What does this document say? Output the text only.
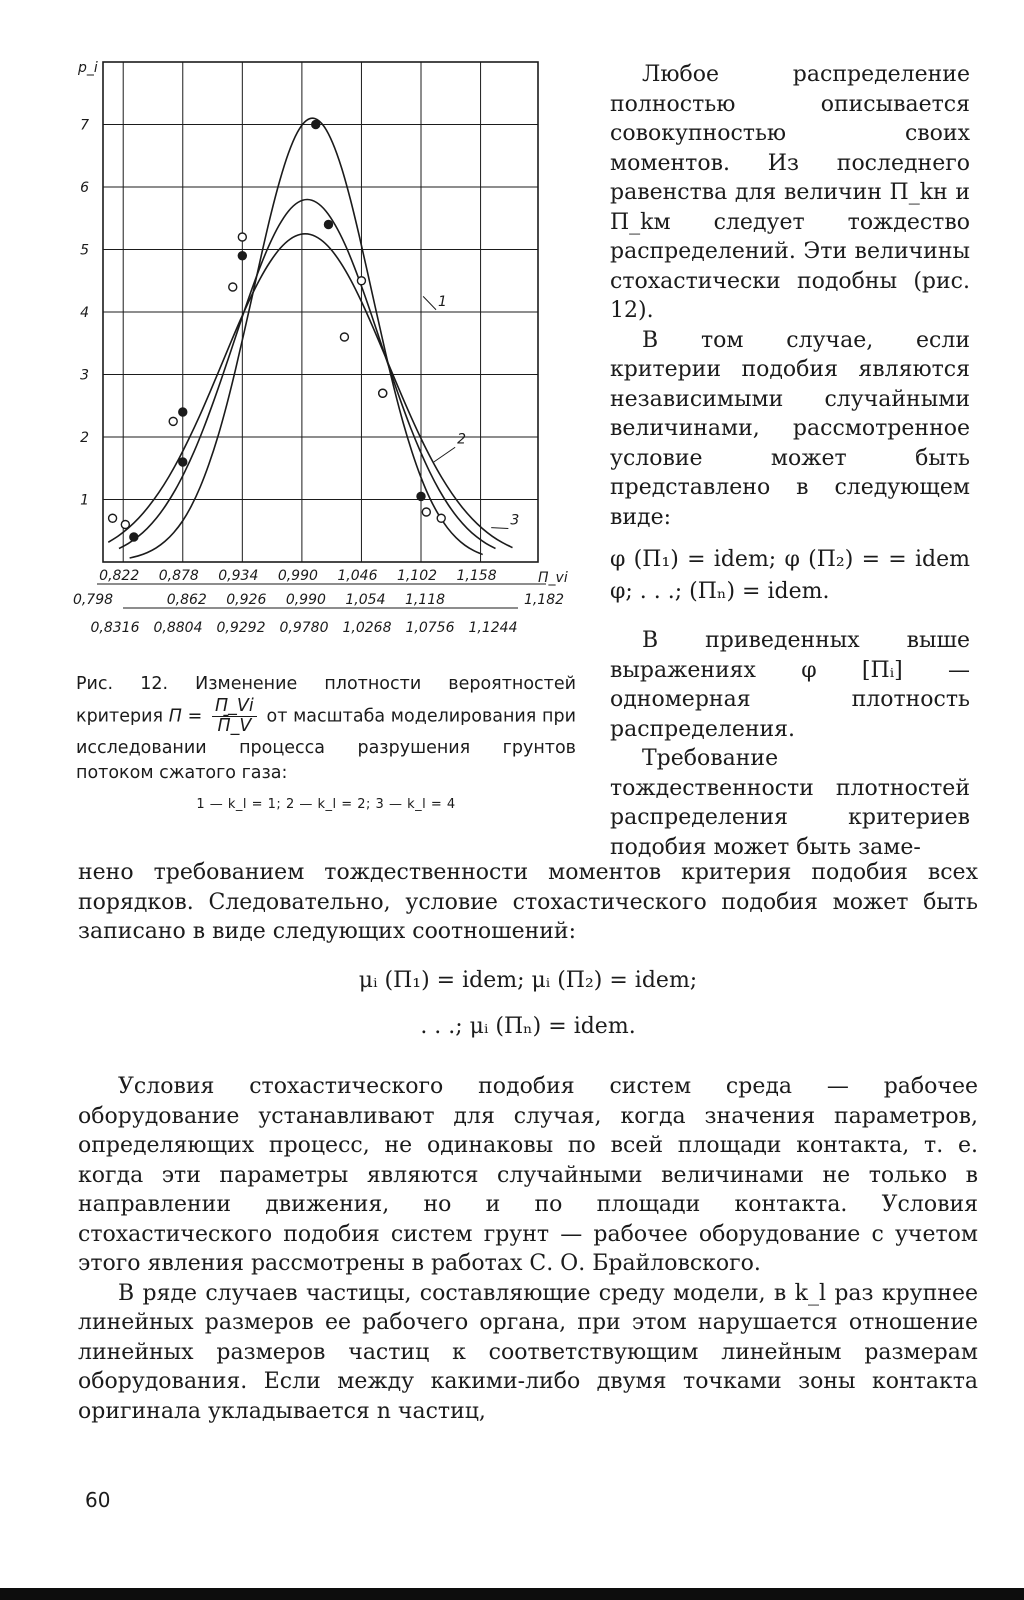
1
2
3
4
5
6
7
0,822 0,878 0,934 0,990 1,046 1,102 1,158
0,798	0,862 0,926 0,990 1,054 1,118	1,182
0,8316 0,8804 0,9292 0,9780 1,0268 1,0756 1,1244
p_i
П_vi
1
2
3
Рис. 12. Изменение плотности вероятностей критерия $П = \frac{П\_Vi}{П̄\_V}$ от масштаба моделирования при исследовании процесса разрушения грунтов потоком сжатого газа:
1 — k_l = 1; 2 — k_l = 2; 3 — k_l = 4

Любое распределение полностью описывается совокупностью своих моментов. Из последнего равенства для величин П_kн и П_kм следует тождество распределений. Эти величины стохастически подобны (рис. 12).

В том случае, если критерии подобия являются независимыми случайными величинами, рассмотренное условие может быть представлено в следующем виде:

φ (П₁) = idem; φ (П₂) = = idem φ; . . .; (Пₙ) = idem.

В приведенных выше выражениях φ [Пᵢ] — одномерная плотность распределения.

Требование тождественности плотностей распределения критериев подобия может быть заме-

нено требованием тождественности моментов критерия подобия всех порядков. Следовательно, условие стохастического подобия может быть записано в виде следующих соотношений:

μᵢ (П₁) = idem; μᵢ (П₂) = idem;
. . .; μᵢ (Пₙ) = idem.

Условия стохастического подобия систем среда — рабочее оборудование устанавливают для случая, когда значения параметров, определяющих процесс, не одинаковы по всей площади контакта, т. е. когда эти параметры являются случайными величинами не только в направлении движения, но и по площади контакта. Условия стохастического подобия систем грунт — рабочее оборудование с учетом этого явления рассмотрены в работах С. О. Брайловского.

В ряде случаев частицы, составляющие среду модели, в k_l раз крупнее линейных размеров ее рабочего органа, при этом нарушается отношение линейных размеров частиц к соответствующим линейным размерам оборудования. Если между какими-либо двумя точками зоны контакта оригинала укладывается n частиц,

60
